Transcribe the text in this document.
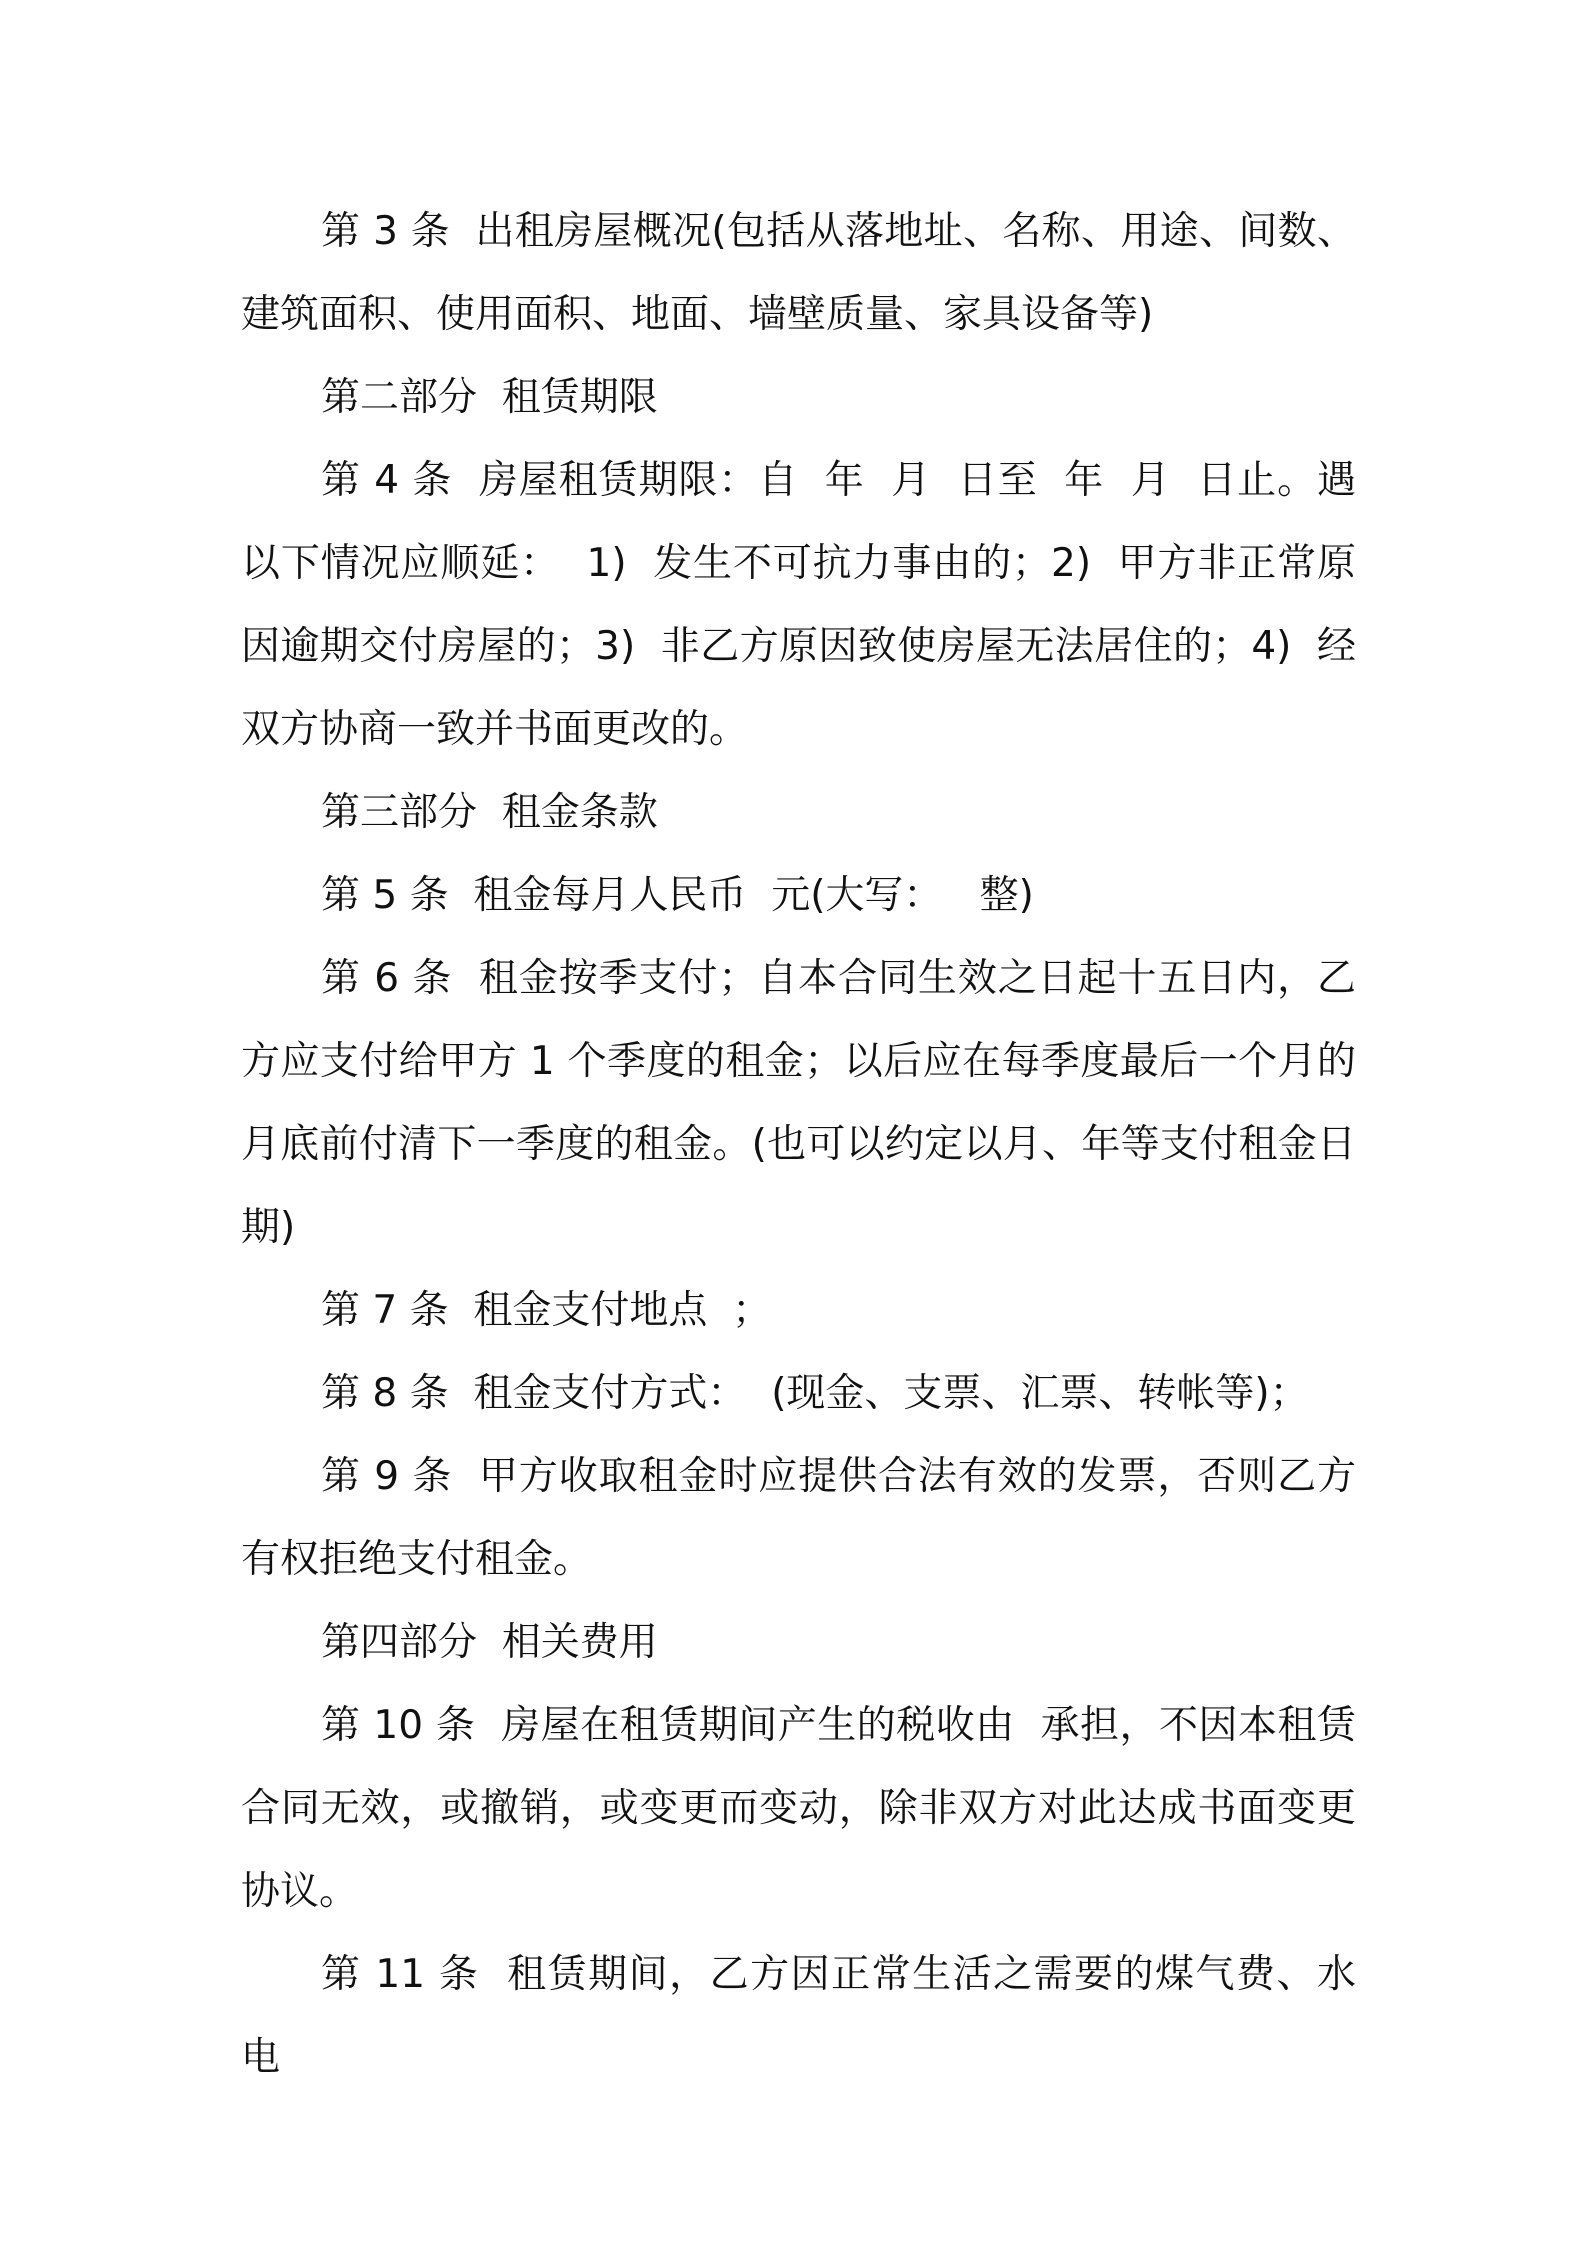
第 3 条  出租房屋概况(包括从落地址、名称、用途、间数、建筑面积、使用面积、地面、墙壁质量、家具设备等)

第二部分  租赁期限

第 4 条  房屋租赁期限：自  年  月  日至  年  月  日止。遇以下情况应顺延：  1)  发生不可抗力事由的；2)  甲方非正常原因逾期交付房屋的；3)  非乙方原因致使房屋无法居住的；4)  经双方协商一致并书面更改的。

第三部分  租金条款

第 5 条  租金每月人民币  元(大写：   整)

第 6 条  租金按季支付；自本合同生效之日起十五日内，乙方应支付给甲方 1 个季度的租金；以后应在每季度最后一个月的月底前付清下一季度的租金。(也可以约定以月、年等支付租金日期)

第 7 条  租金支付地点  ；

第 8 条  租金支付方式：  (现金、支票、汇票、转帐等)；

第 9 条  甲方收取租金时应提供合法有效的发票，否则乙方有权拒绝支付租金。

第四部分  相关费用

第 10 条  房屋在租赁期间产生的税收由  承担，不因本租赁合同无效，或撤销，或变更而变动，除非双方对此达成书面变更协议。

第 11 条  租赁期间，乙方因正常生活之需要的煤气费、水电
